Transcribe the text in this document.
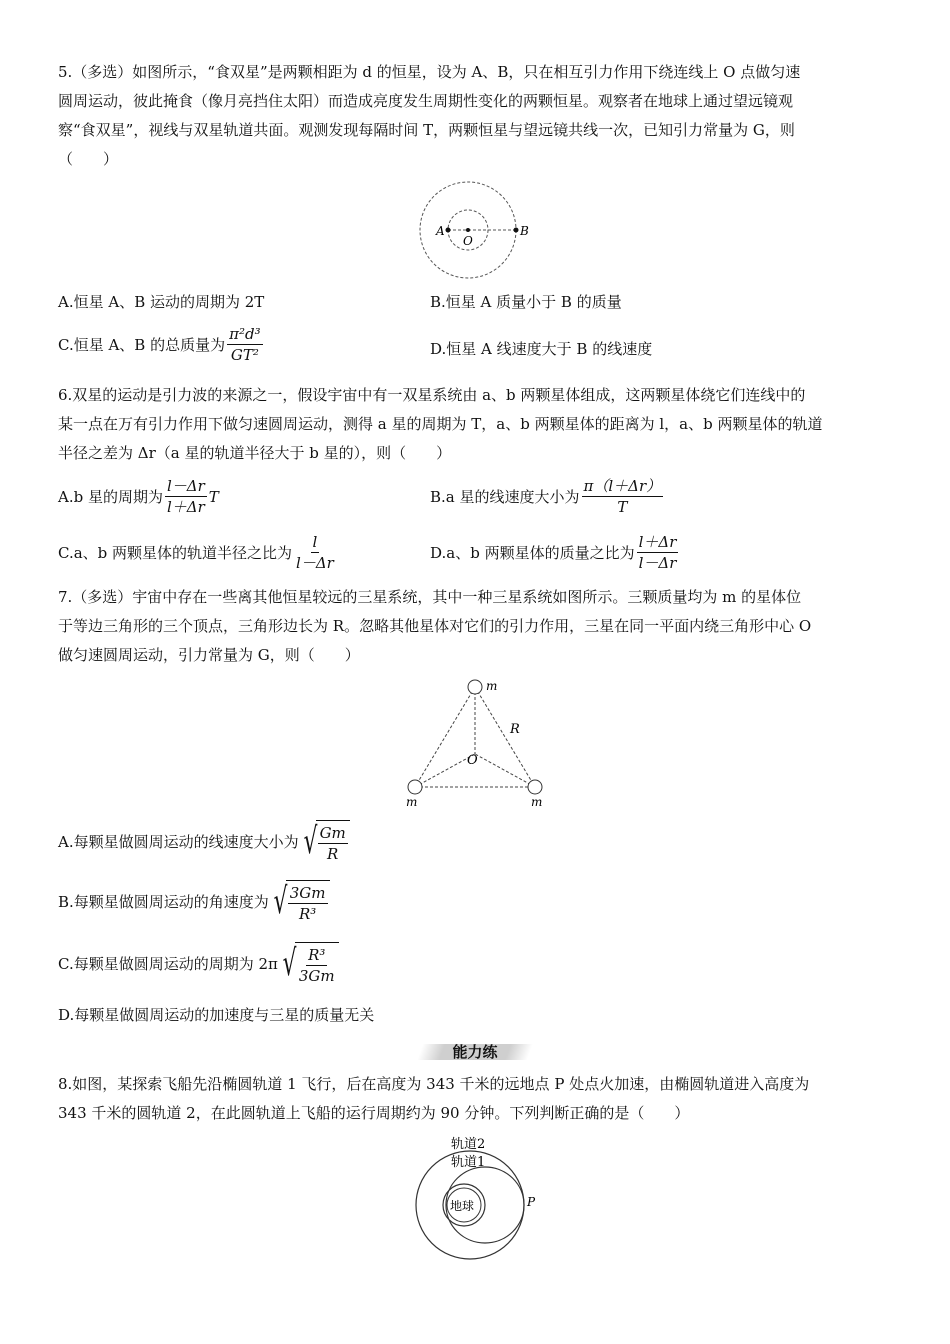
5.（多选）如图所示，“食双星”是两颗相距为 d 的恒星，设为 A、B，只在相互引力作用下绕连线上 O 点做匀速
圆周运动，彼此掩食（像月亮挡住太阳）而造成亮度发生周期性变化的两颗恒星。观察者在地球上通过望远镜观
察“食双星”，视线与双星轨道共面。观测发现每隔时间 T，两颗恒星与望远镜共线一次，已知引力常量为 G，则
（　　）
A
O
B
A.恒星 A、B 运动的周期为 2T	B.恒星 A 质量小于 B 的质量
C.恒星 A、B 的总质量为 $\frac{\text{π²d³}}{\text{GT²}}$	D.恒星 A 线速度大于 B 的线速度
6.双星的运动是引力波的来源之一，假设宇宙中有一双星系统由 a、b 两颗星体组成，这两颗星体绕它们连线中的
某一点在万有引力作用下做匀速圆周运动，测得 a 星的周期为 T，a、b 两颗星体的距离为 l，a、b 两颗星体的轨道
半径之差为 Δr（a 星的轨道半径大于 b 星的），则（　　）
A.b 星的周期为 $\frac{l-\Delta r}{l+\Delta r}$ T	B.a 星的线速度大小为 $\frac{\pi(l+\Delta r)}{T}$
C.a、b 两颗星体的轨道半径之比为 $\frac{l}{l-\Delta r}$	D.a、b 两颗星体的质量之比为 $\frac{l+\Delta r}{l-\Delta r}$
7.（多选）宇宙中存在一些离其他恒星较远的三星系统，其中一种三星系统如图所示。三颗质量均为 m 的星体位
于等边三角形的三个顶点，三角形边长为 R。忽略其他星体对它们的引力作用，三星在同一平面内绕三角形中心 O
做匀速圆周运动，引力常量为 G，则（　　）
m
R
O
m	m
A.每颗星做圆周运动的线速度大小为 √ $\frac{Gm}{R}$
B.每颗星做圆周运动的角速度为 √ $\frac{3Gm}{\text{R³}}$
C.每颗星做圆周运动的周期为 2π √ $\frac{\text{R³}}{3Gm}$
D.每颗星做圆周运动的加速度与三星的质量无关
能力练
8.如图，某探索飞船先沿椭圆轨道 1 飞行，后在高度为 343 千米的远地点 P 处点火加速，由椭圆轨道进入高度为
343 千米的圆轨道 2，在此圆轨道上飞船的运行周期约为 90 分钟。下列判断正确的是（　　）
轨道2
轨道1
地球	P
